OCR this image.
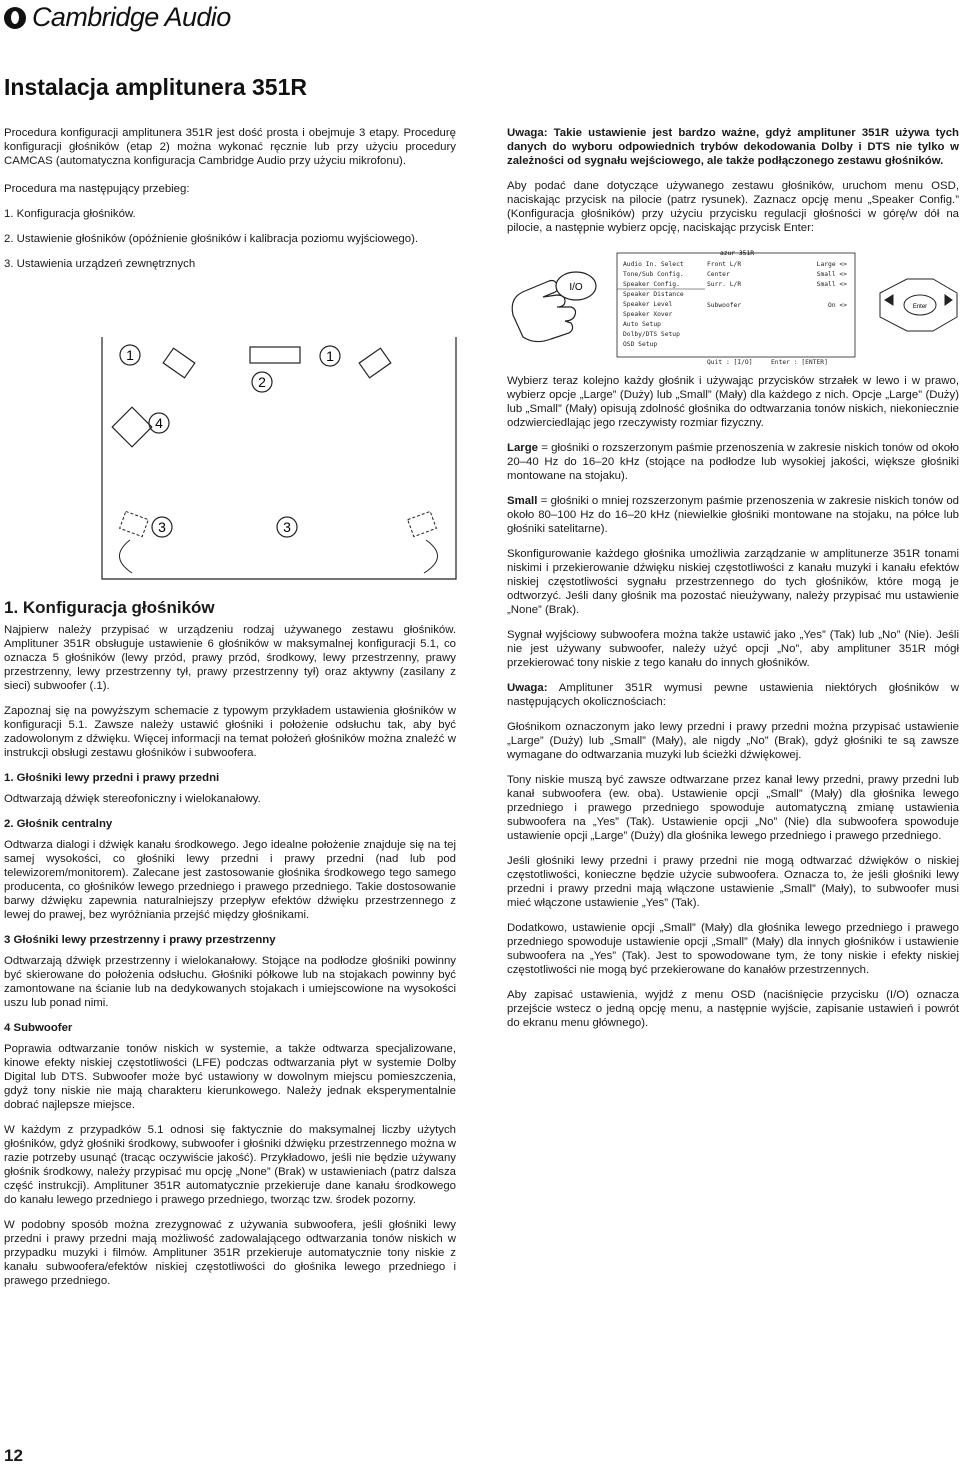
Cambridge Audio
Instalacja amplitunera 351R

Procedura konfiguracji amplitunera 351R jest dość prosta i obejmuje 3 etapy. Procedurę konfiguracji głośników (etap 2) można wykonać ręcznie lub przy użyciu procedury CAMCAS (automatyczna konfiguracja Cambridge Audio przy użyciu mikrofonu).

Procedura ma następujący przebieg:

1. Konfiguracja głośników.

2. Ustawienie głośników (opóźnienie głośników i kalibracja poziomu wyjściowego).

3. Ustawienia urządzeń zewnętrznych

1	1
2
4
3	3

1. Konfiguracja głośników

Najpierw należy przypisać w urządzeniu rodzaj używanego zestawu głośników. Amplituner 351R obsługuje ustawienie 6 głośników w maksymalnej konfiguracji 5.1, co oznacza 5 głośników (lewy przód, prawy przód, środkowy, lewy przestrzenny, prawy przestrzenny, lewy przestrzenny tył, prawy przestrzenny tył) oraz aktywny (zasilany z sieci) subwoofer (.1).

Zapoznaj się na powyższym schemacie z typowym przykładem ustawienia głośników w konfiguracji 5.1. Zawsze należy ustawić głośniki i położenie odsłuchu tak, aby być zadowolonym z dźwięku. Więcej informacji na temat położeń głośników można znaleźć w instrukcji obsługi zestawu głośników i subwoofera.

1. Głośniki lewy przedni i prawy przedni

Odtwarzają dźwięk stereofoniczny i wielokanałowy.

2. Głośnik centralny

Odtwarza dialogi i dźwięk kanału środkowego. Jego idealne położenie znajduje się na tej samej wysokości, co głośniki lewy przedni i prawy przedni (nad lub pod telewizorem/monitorem). Zalecane jest zastosowanie głośnika środkowego tego samego producenta, co głośników lewego przedniego i prawego przedniego. Takie dostosowanie barwy dźwięku zapewnia naturalniejszy przepływ efektów dźwięku przestrzennego z lewej do prawej, bez wyróżniania przejść między głośnikami.

3 Głośniki lewy przestrzenny i prawy przestrzenny

Odtwarzają dźwięk przestrzenny i wielokanałowy. Stojące na podłodze głośniki powinny być skierowane do położenia odsłuchu. Głośniki półkowe lub na stojakach powinny być zamontowane na ścianie lub na dedykowanych stojakach i umiejscowione na wysokości uszu lub ponad nimi.

4 Subwoofer

Poprawia odtwarzanie tonów niskich w systemie, a także odtwarza specjalizowane, kinowe efekty niskiej częstotliwości (LFE) podczas odtwarzania płyt w systemie Dolby Digital lub DTS. Subwoofer może być ustawiony w dowolnym miejscu pomieszczenia, gdyż tony niskie nie mają charakteru kierunkowego. Należy jednak eksperymentalnie dobrać najlepsze miejsce.

W każdym z przypadków 5.1 odnosi się faktycznie do maksymalnej liczby użytych głośników, gdyż głośniki środkowy, subwoofer i głośniki dźwięku przestrzennego można w razie potrzeby usunąć (tracąc oczywiście jakość). Przykładowo, jeśli nie będzie używany głośnik środkowy, należy przypisać mu opcję „None” (Brak) w ustawieniach (patrz dalsza część instrukcji). Amplituner 351R automatycznie przekieruje dane kanału środkowego do kanału lewego przedniego i prawego przedniego, tworząc tzw. środek pozorny.

W podobny sposób można zrezygnować z używania subwoofera, jeśli głośniki lewy przedni i prawy przedni mają możliwość zadowalającego odtwarzania tonów niskich w przypadku muzyki i filmów. Amplituner 351R przekieruje automatycznie tony niskie z kanału subwoofera/efektów niskiej częstotliwości do głośnika lewego przedniego i prawego przedniego.

Uwaga: Takie ustawienie jest bardzo ważne, gdyż amplituner 351R używa tych danych do wyboru odpowiednich trybów dekodowania Dolby i DTS nie tylko w zależności od sygnału wejściowego, ale także podłączonego zestawu głośników.

Aby podać dane dotyczące używanego zestawu głośników, uruchom menu OSD, naciskając przycisk na pilocie (patrz rysunek). Zaznacz opcję menu „Speaker Config.” (Konfiguracja głośników) przy użyciu przycisku regulacji głośności w górę/w dół na pilocie, a następnie wybierz opcję, naciskając przycisk Enter:

I/O
azur 351R
Audio In. Select
Tone/Sub Config.
Speaker Config.
Speaker Distance
Speaker Level
Speaker Xover
Auto Setup
Dolby/DTS Setup
OSD Setup
Front L/R	Large <>
Center	Small <>
Surr. L/R	Small <>
Subwoofer	On <>
Quit : [I/O]	Enter : [ENTER]
Enter

Wybierz teraz kolejno każdy głośnik i używając przycisków strzałek w lewo i w prawo, wybierz opcje „Large” (Duży) lub „Small” (Mały) dla każdego z nich. Opcje „Large” (Duży) lub „Small” (Mały) opisują zdolność głośnika do odtwarzania tonów niskich, niekoniecznie odzwierciedlając jego rzeczywisty rozmiar fizyczny.

Large = głośniki o rozszerzonym paśmie przenoszenia w zakresie niskich tonów od około 20–40 Hz do 16–20 kHz (stojące na podłodze lub wysokiej jakości, większe głośniki montowane na stojaku).

Small = głośniki o mniej rozszerzonym paśmie przenoszenia w zakresie niskich tonów od około 80–100 Hz do 16–20 kHz (niewielkie głośniki montowane na stojaku, na półce lub głośniki satelitarne).

Skonfigurowanie każdego głośnika umożliwia zarządzanie w amplitunerze 351R tonami niskimi i przekierowanie dźwięku niskiej częstotliwości z kanału muzyki i kanału efektów niskiej częstotliwości sygnału przestrzennego do tych głośników, które mogą je odtworzyć. Jeśli dany głośnik ma pozostać nieużywany, należy przypisać mu ustawienie „None” (Brak).

Sygnał wyjściowy subwoofera można także ustawić jako „Yes” (Tak) lub „No” (Nie). Jeśli nie jest używany subwoofer, należy użyć opcji „No”, aby amplituner 351R mógł przekierować tony niskie z tego kanału do innych głośników.

Uwaga: Amplituner 351R wymusi pewne ustawienia niektórych głośników w następujących okolicznościach:

Głośnikom oznaczonym jako lewy przedni i prawy przedni można przypisać ustawienie „Large” (Duży) lub „Small” (Mały), ale nigdy „No” (Brak), gdyż głośniki te są zawsze wymagane do odtwarzania muzyki lub ścieżki dźwiękowej.

Tony niskie muszą być zawsze odtwarzane przez kanał lewy przedni, prawy przedni lub kanał subwoofera (ew. oba). Ustawienie opcji „Small” (Mały) dla głośnika lewego przedniego i prawego przedniego spowoduje automatyczną zmianę ustawienia subwoofera na „Yes” (Tak). Ustawienie opcji „No” (Nie) dla subwoofera spowoduje ustawienie opcji „Large” (Duży) dla głośnika lewego przedniego i prawego przedniego.

Jeśli głośniki lewy przedni i prawy przedni nie mogą odtwarzać dźwięków o niskiej częstotliwości, konieczne będzie użycie subwoofera. Oznacza to, że jeśli głośniki lewy przedni i prawy przedni mają włączone ustawienie „Small” (Mały), to subwoofer musi mieć włączone ustawienie „Yes” (Tak).

Dodatkowo, ustawienie opcji „Small” (Mały) dla głośnika lewego przedniego i prawego przedniego spowoduje ustawienie opcji „Small” (Mały) dla innych głośników i ustawienie subwoofera na „Yes” (Tak). Jest to spowodowane tym, że tony niskie i efekty niskiej częstotliwości nie mogą być przekierowane do kanałów przestrzennych.

Aby zapisać ustawienia, wyjdź z menu OSD (naciśnięcie przycisku (I/O) oznacza przejście wstecz o jedną opcję menu, a następnie wyjście, zapisanie ustawień i powrót do ekranu menu głównego).

12
